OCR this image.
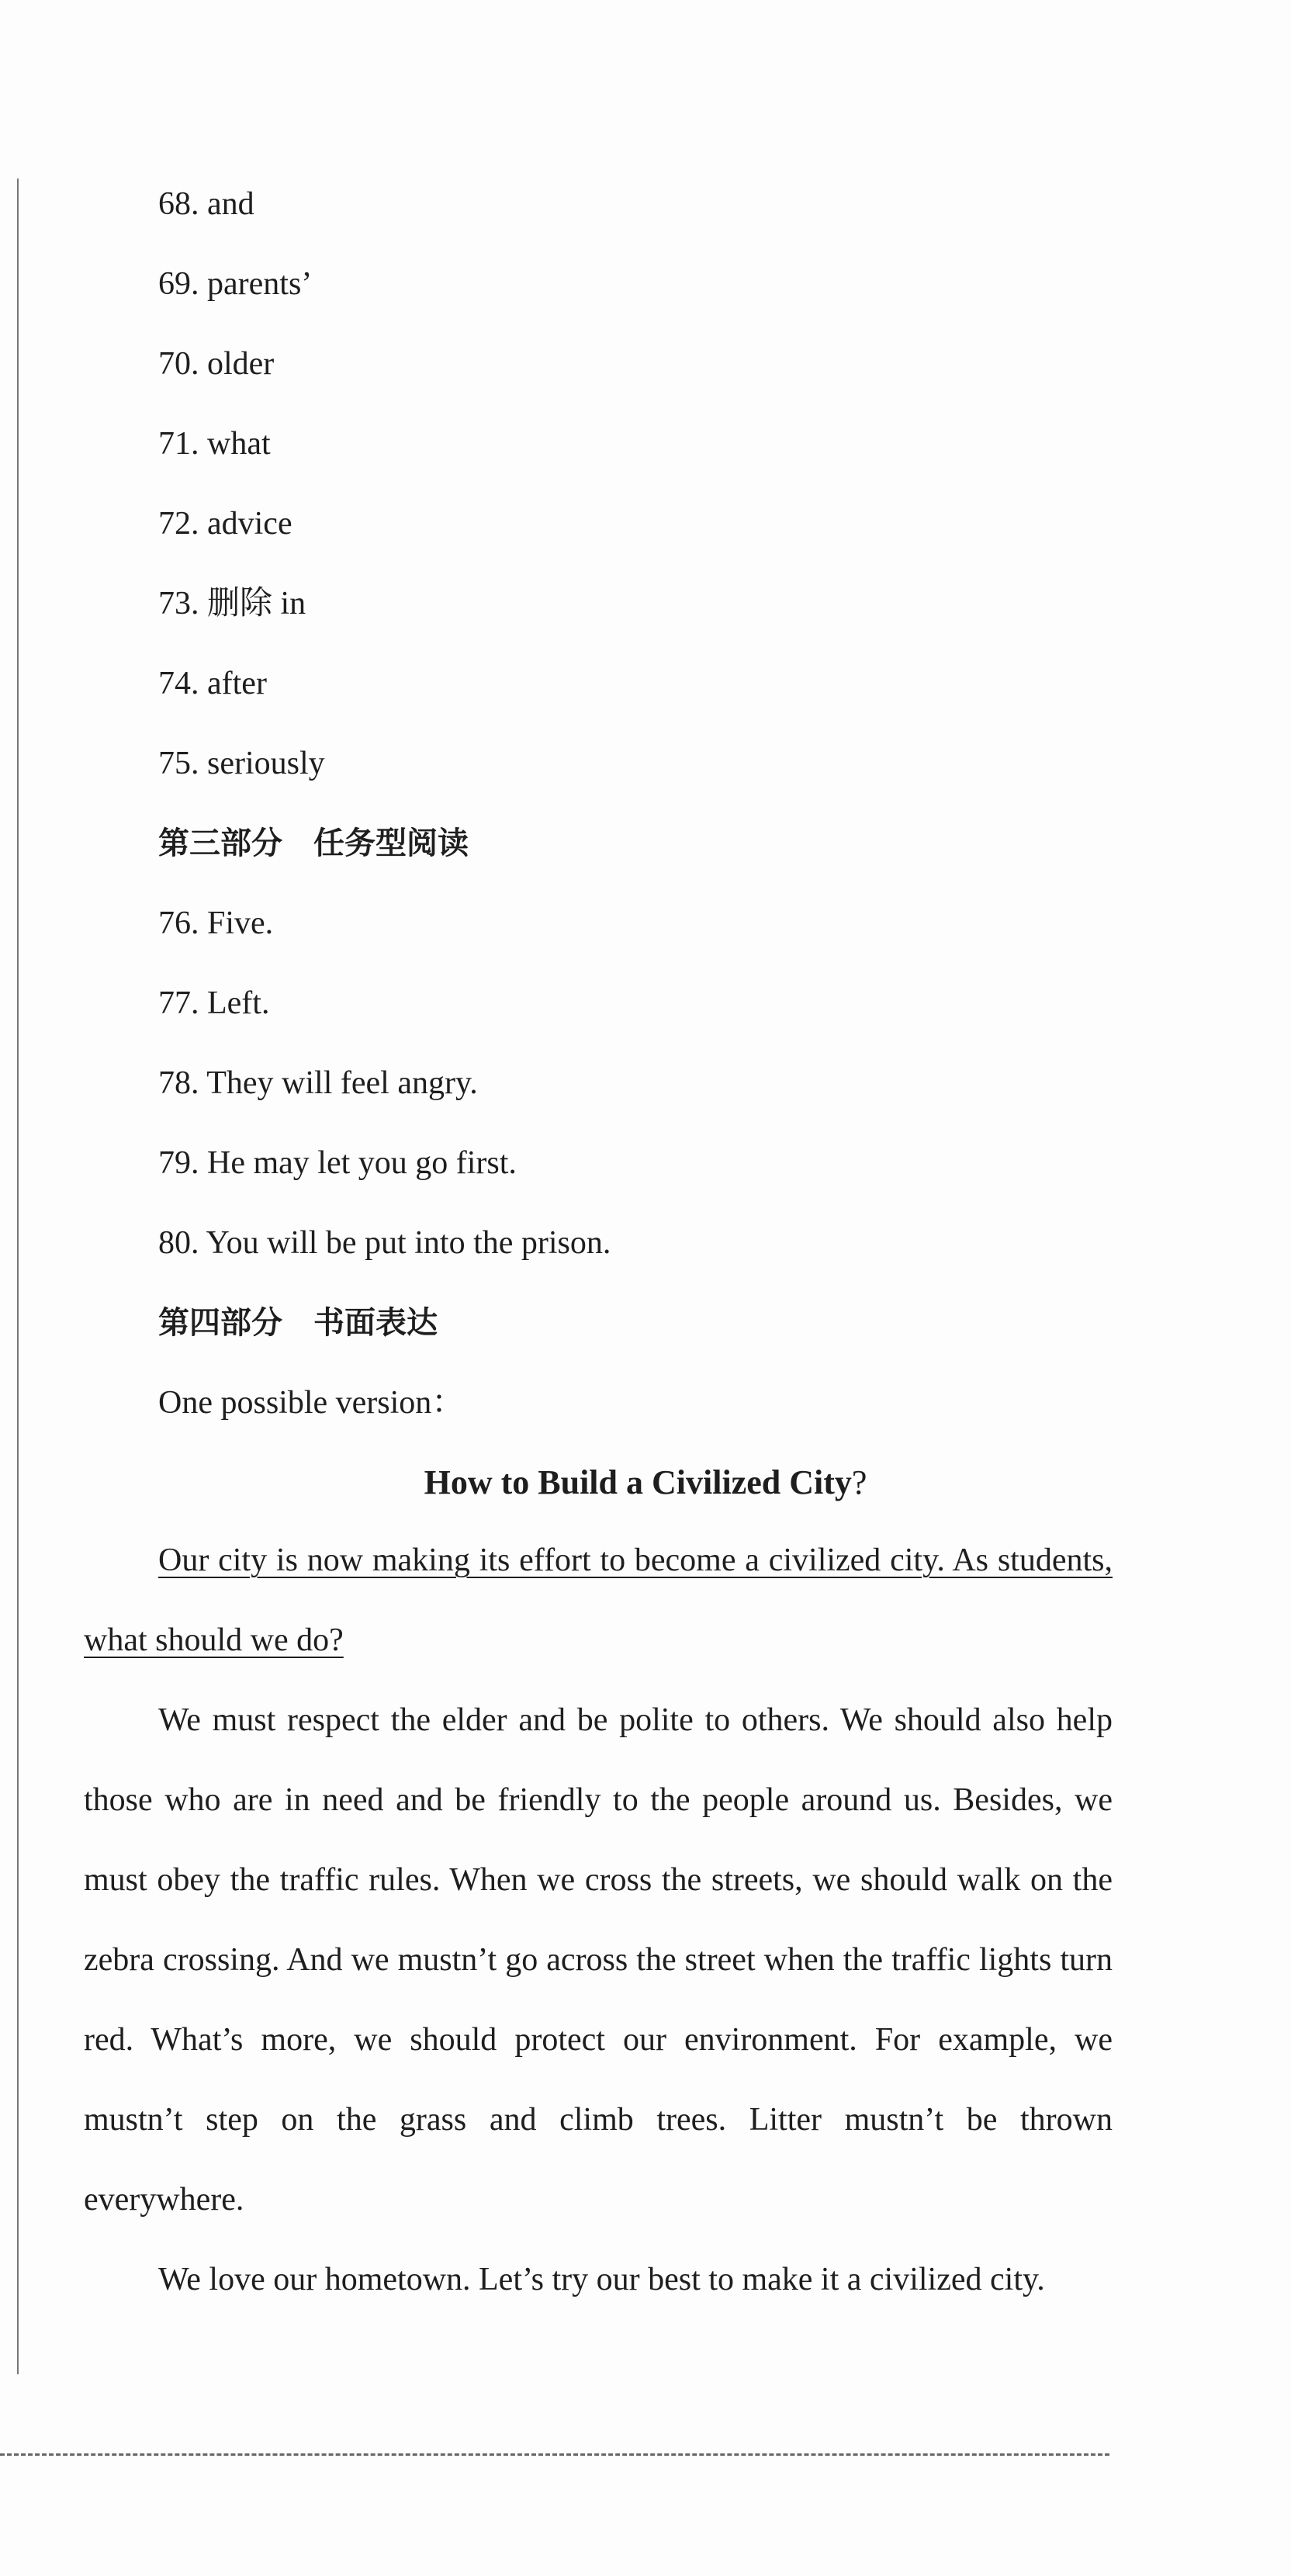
68. and
69. parents’
70. older
71. what
72. advice
73. 删除 in
74. after
75. seriously
第三部分　任务型阅读
76. Five.
77. Left.
78. They will feel angry.
79. He may let you go first.
80. You will be put into the prison.
第四部分　书面表达
One possible version：
How to Build a Civilized City?
Our city is now making its effort to become a civilized city. As students, what should we do?
We must respect the elder and be polite to others. We should also help those who are in need and be friendly to the people around us. Besides, we must obey the traffic rules. When we cross the streets, we should walk on the zebra crossing. And we mustn’t go across the street when the traffic lights turn red. What’s more, we should protect our environment. For example, we mustn’t step on the grass and climb trees. Litter mustn’t be thrown everywhere.
We love our hometown. Let’s try our best to make it a civilized city.
